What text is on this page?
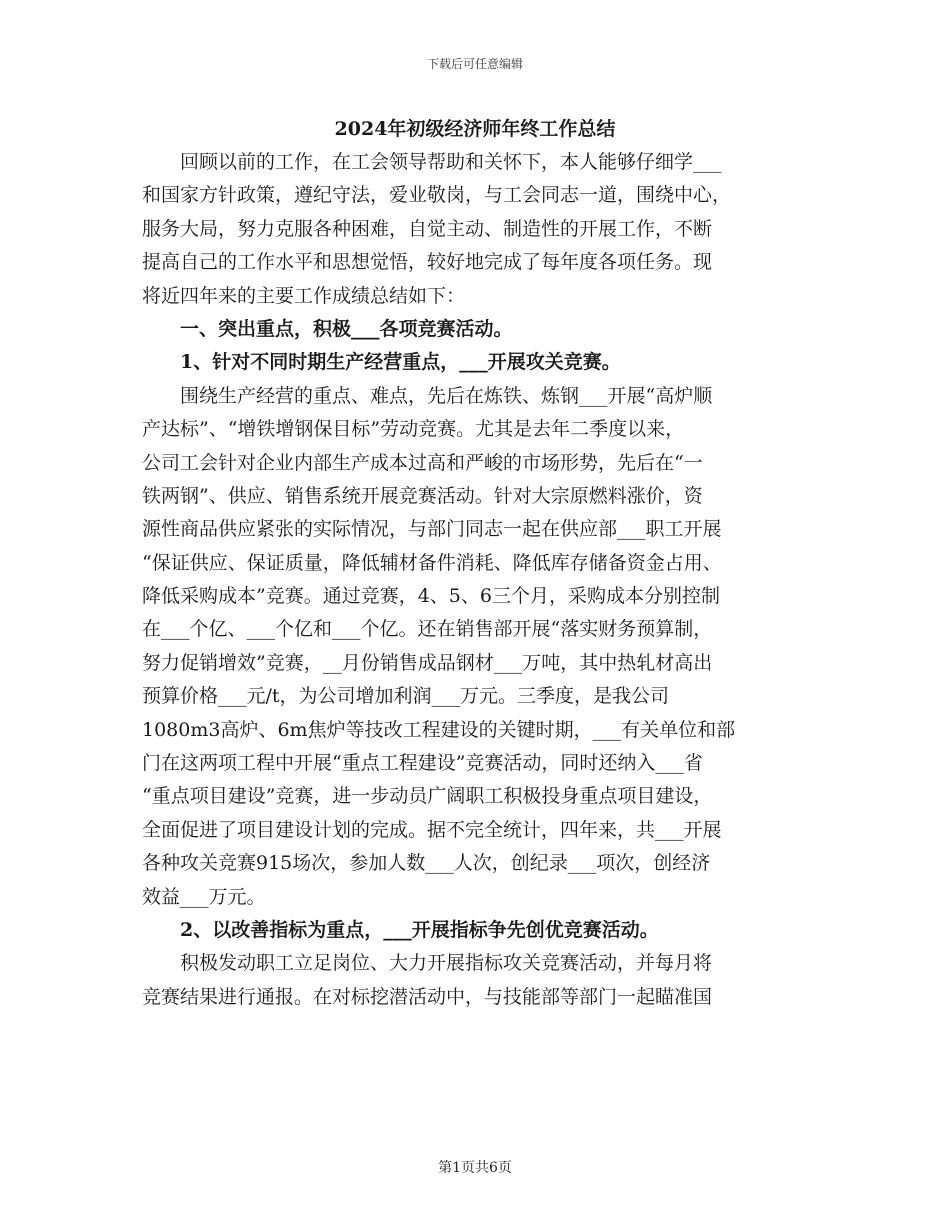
下载后可任意编辑
2024年初级经济师年终工作总结
回顾以前的工作，在工会领导帮助和关怀下，本人能够仔细学___
和国家方针政策，遵纪守法，爱业敬岗，与工会同志一道，围绕中心，
服务大局，努力克服各种困难，自觉主动、制造性的开展工作，不断
提高自己的工作水平和思想觉悟，较好地完成了每年度各项任务。现
将近四年来的主要工作成绩总结如下：
一、突出重点，积极___各项竞赛活动。
1、针对不同时期生产经营重点，___开展攻关竞赛。
围绕生产经营的重点、难点，先后在炼铁、炼钢___开展“高炉顺
产达标”、“增铁增钢保目标”劳动竞赛。尤其是去年二季度以来，
公司工会针对企业内部生产成本过高和严峻的市场形势，先后在“一
铁两钢”、供应、销售系统开展竞赛活动。针对大宗原燃料涨价，资
源性商品供应紧张的实际情况，与部门同志一起在供应部___职工开展
“保证供应、保证质量，降低辅材备件消耗、降低库存储备资金占用、
降低采购成本”竞赛。通过竞赛，4、5、6三个月，采购成本分别控制
在___个亿、___个亿和___个亿。还在销售部开展“落实财务预算制，
努力促销增效”竞赛，__月份销售成品钢材___万吨，其中热轧材高出
预算价格___元/t，为公司增加利润___万元。三季度，是我公司
1080m3高炉、6m焦炉等技改工程建设的关键时期，___有关单位和部
门在这两项工程中开展“重点工程建设”竞赛活动，同时还纳入___省
“重点项目建设”竞赛，进一步动员广阔职工积极投身重点项目建设，
全面促进了项目建设计划的完成。据不完全统计，四年来，共___开展
各种攻关竞赛915场次，参加人数___人次，创纪录___项次，创经济
效益___万元。
2、以改善指标为重点，___开展指标争先创优竞赛活动。
积极发动职工立足岗位、大力开展指标攻关竞赛活动，并每月将
竞赛结果进行通报。在对标挖潜活动中，与技能部等部门一起瞄准国
第1页共6页
